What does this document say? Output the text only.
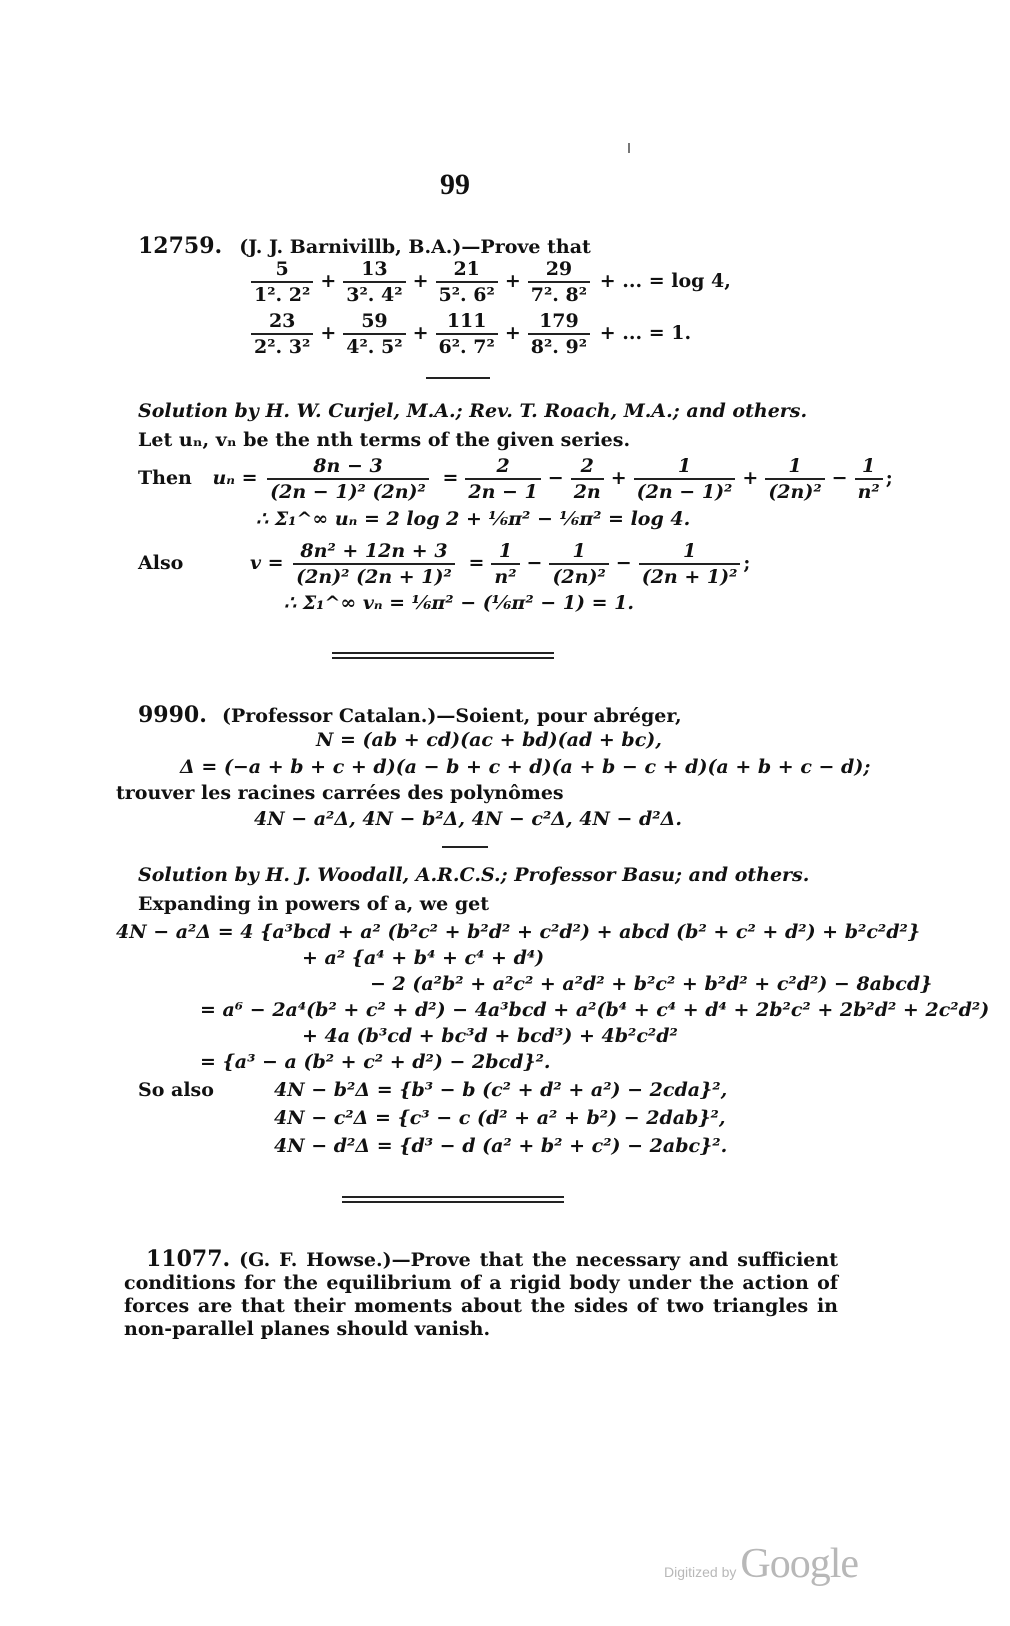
99
12759. (J. J. Barnivillb, B.A.)—Prove that
$\frac{5}{\text{1². 2²}} + \frac{13}{\text{3². 4²}} + \frac{21}{\text{5². 6²}} + \frac{29}{\text{7². 8²}}$ + ... = log 4,
$\frac{23}{\text{2². 3²}} + \frac{59}{\text{4². 5²}} + \frac{111}{\text{6². 7²}} + \frac{179}{\text{8². 9²}}$ + ... = 1.
Solution by H. W. Curjel, M.A.; Rev. T. Roach, M.A.; and others.
Let uₙ, vₙ be the nth terms of the given series.
Then $u_n = \frac{8n - 3}{\text{(2n − 1)² (2n)²}} = \frac{2}{2n - 1} - \frac{2}{2n} + \frac{1}{\text{(2n − 1)²}} + \frac{1}{\text{(2n)²}} - \frac{1}{\text{n²}}$ ;
∴ Σ₁^∞ uₙ = 2 log 2 + ⅙π² − ⅙π² = log 4.
Also	$v = \frac{\text{8n² + 12n + 3}}{\text{(2n)² (2n + 1)²}} = \frac{1}{\text{n²}} - \frac{1}{\text{(2n)²}} - \frac{1}{\text{(2n + 1)²}}$ ;
∴ Σ₁^∞ vₙ = ⅙π² − (⅙π² − 1) = 1.
9990. (Professor Catalan.)—Soient, pour abréger,
N = (ab + cd)(ac + bd)(ad + bc),
Δ = (−a + b + c + d)(a − b + c + d)(a + b − c + d)(a + b + c − d);
trouver les racines carrées des polynômes
4N − a²Δ, 4N − b²Δ, 4N − c²Δ, 4N − d²Δ.
Solution by H. J. Woodall, A.R.C.S.; Professor Basu; and others.
Expanding in powers of a, we get
4N − a²Δ = 4 {a³bcd + a² (b²c² + b²d² + c²d²) + abcd (b² + c² + d²) + b²c²d²}
+ a² {a⁴ + b⁴ + c⁴ + d⁴)
− 2 (a²b² + a²c² + a²d² + b²c² + b²d² + c²d²) − 8abcd}
= a⁶ − 2a⁴(b² + c² + d²) − 4a³bcd + a²(b⁴ + c⁴ + d⁴ + 2b²c² + 2b²d² + 2c²d²)
+ 4a (b³cd + bc³d + bcd³) + 4b²c²d²
= {a³ − a (b² + c² + d²) − 2bcd}².
So also	4N − b²Δ = {b³ − b (c² + d² + a²) − 2cda}²,
4N − c²Δ = {c³ − c (d² + a² + b²) − 2dab}²,
4N − d²Δ = {d³ − d (a² + b² + c²) − 2abc}².
11077. (G. F. Howse.)—Prove that the necessary and sufficient conditions for the equilibrium of a rigid body under the action of forces are that their moments about the sides of two triangles in non-parallel planes should vanish.
Digitized by Google
